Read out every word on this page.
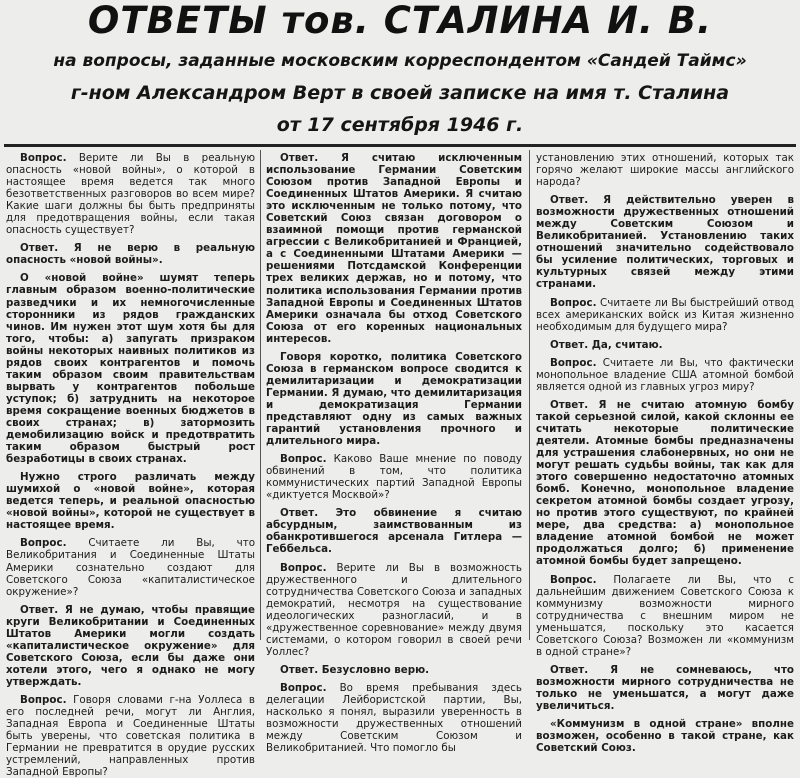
ОТВЕТЫ тов. СТАЛИНА И. В.
на вопросы, заданные московским корреспондентом «Сандей Таймс»
г-ном Александром Верт в своей записке на имя т. Сталина
от 17 сентября 1946 г.

Вопрос. Верите ли Вы в реальную опасность «новой войны», о которой в настоящее время ведется так много безответственных разговоров во всем мире? Какие шаги должны бы быть предприняты для предотвращения войны, если такая опасность существует?

Ответ. Я не верю в реальную опасность «новой войны».

О «новой войне» шумят теперь главным образом военно-политические разведчики и их немногочисленные сторонники из рядов гражданских чинов. Им нужен этот шум хотя бы для того, чтобы: а) запугать призраком войны некоторых наивных политиков из рядов своих контрагентов и помочь таким образом своим правительствам вырвать у контрагентов побольше уступок; б) затруднить на некоторое время сокращение военных бюджетов в своих странах; в) затормозить демобилизацию войск и предотвратить таким образом быстрый рост безработицы в своих странах.

Нужно строго различать между шумихой о «новой войне», которая ведется теперь, и реальной опасностью «новой войны», которой не существует в настоящее время.

Вопрос. Считаете ли Вы, что Великобритания и Соединенные Штаты Америки сознательно создают для Советского Союза «капиталистическое окружение»?

Ответ. Я не думаю, чтобы правящие круги Великобритании и Соединенных Штатов Америки могли создать «капиталистическое окружение» для Советского Союза, если бы даже они хотели этого, чего я однако не могу утверждать.

Вопрос. Говоря словами г-на Уоллеса в его последней речи, могут ли Англия, Западная Европа и Соединенные Штаты быть уверены, что советская политика в Германии не превратится в орудие русских устремлений, направленных против Западной Европы?

Ответ. Я считаю исключенным использование Германии Советским Союзом против Западной Европы и Соединенных Штатов Америки. Я считаю это исключенным не только потому, что Советский Союз связан договором о взаимной помощи против германской агрессии с Великобританией и Францией, а с Соединенными Штатами Америки — решениями Потсдамской Конференции трех великих держав, но и потому, что политика использования Германии против Западной Европы и Соединенных Штатов Америки означала бы отход Советского Союза от его коренных национальных интересов.

Говоря коротко, политика Советского Союза в германском вопросе сводится к демилитаризации и демократизации Германии. Я думаю, что демилитаризация и демократизация Германии представляют одну из самых важных гарантий установления прочного и длительного мира.

Вопрос. Каково Ваше мнение по поводу обвинений в том, что политика коммунистических партий Западной Европы «диктуется Москвой»?

Ответ. Это обвинение я считаю абсурдным, заимствованным из обанкротившегося арсенала Гитлера — Геббельса.

Вопрос. Верите ли Вы в возможность дружественного и длительного сотрудничества Советского Союза и западных демократий, несмотря на существование идеологических разногласий, и в «дружественное соревнование» между двумя системами, о котором говорил в своей речи Уоллес?

Ответ. Безусловно верю.

Вопрос. Во время пребывания здесь делегации Лейбористской партии, Вы, насколько я понял, выразили уверенность в возможности дружественных отношений между Советским Союзом и Великобританией. Что помогло бы

установлению этих отношений, которых так горячо желают широкие массы английского народа?

Ответ. Я действительно уверен в возможности дружественных отношений между Советским Союзом и Великобританией. Установлению таких отношений значительно содействовало бы усиление политических, торговых и культурных связей между этими странами.

Вопрос. Считаете ли Вы быстрейший отвод всех американских войск из Китая жизненно необходимым для будущего мира?

Ответ. Да, считаю.

Вопрос. Считаете ли Вы, что фактически монопольное владение США атомной бомбой является одной из главных угроз миру?

Ответ. Я не считаю атомную бомбу такой серьезной силой, какой склонны ее считать некоторые политические деятели. Атомные бомбы предназначены для устрашения слабонервных, но они не могут решать судьбы войны, так как для этого совершенно недостаточно атомных бомб. Конечно, монопольное владение секретом атомной бомбы создает угрозу, но против этого существуют, по крайней мере, два средства: а) монопольное владение атомной бомбой не может продолжаться долго; б) применение атомной бомбы будет запрещено.

Вопрос. Полагаете ли Вы, что с дальнейшим движением Советского Союза к коммунизму возможности мирного сотрудничества с внешним миром не уменьшатся, поскольку это касается Советского Союза? Возможен ли «коммунизм в одной стране»?

Ответ. Я не сомневаюсь, что возможности мирного сотрудничества не только не уменьшатся, а могут даже увеличиться.

«Коммунизм в одной стране» вполне возможен, особенно в такой стране, как Советский Союз.
